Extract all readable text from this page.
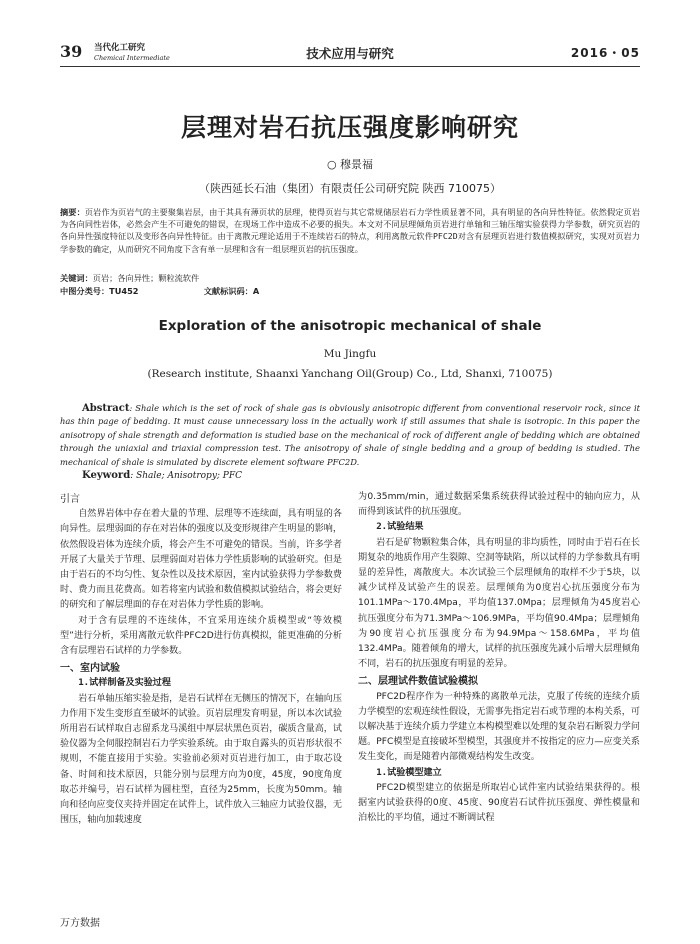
39 当代化工研究
Chemical Intermediate	技术应用与研究	2016・05
层理对岩石抗压强度影响研究
○ 穆景福
（陕西延长石油（集团）有限责任公司研究院 陕西 710075）
摘要：页岩作为页岩气的主要聚集岩层，由于其具有薄页状的层理，使得页岩与其它常规储层岩石力学性质显著不同，具有明显的各向异性特征。依然假定页岩为各向同性岩体，必然会产生不可避免的错误，在现场工作中造成不必要的损失。本文对不同层理倾角页岩进行单轴和三轴压缩实验获得力学参数，研究页岩的各向异性强度特征以及变形各向异性特征。由于离散元理论适用于不连续岩石的特点，利用离散元软件PFC2D对含有层理页岩进行数值模拟研究，实现对页岩力学参数的确定，从而研究不同角度下含有单一层理和含有一组层理页岩的抗压强度。
关键词：页岩；各向异性；颗粒流软件
中图分类号：TU452	文献标识码：A
Exploration of the anisotropic mechanical of shale
Mu Jingfu
(Research institute, Shaanxi Yanchang Oil(Group) Co., Ltd, Shanxi, 710075)
Abstract: Shale which is the set of rock of shale gas is obviously anisotropic different from conventional reservoir rock, since it has thin page of bedding. It must cause unnecessary loss in the actually work if still assumes that shale is isotropic. In this paper the anisotropy of shale strength and deformation is studied base on the mechanical of rock of different angle of bedding which are obtained through the uniaxial and triaxial compression test. The anisotropy of shale of single bedding and a group of bedding is studied. The mechanical of shale is simulated by discrete element software PFC2D.
Keyword: Shale; Anisotropy; PFC
引言

自然界岩体中存在着大量的节理、层理等不连续面，具有明显的各向异性。层理弱面的存在对岩体的强度以及变形规律产生明显的影响，依然假设岩体为连续介质，将会产生不可避免的错误。当前，许多学者开展了大量关于节理、层理弱面对岩体力学性质影响的试验研究。但是由于岩石的不均匀性、复杂性以及技术原因，室内试验获得力学参数费时、费力而且花费高。如若将室内试验和数值模拟试验结合，将会更好的研究和了解层理面的存在对岩体力学性质的影响。

对于含有层理的不连续体，不宜采用连续介质模型或“等效模型”进行分析，采用离散元软件PFC2D进行仿真模拟，能更准确的分析含有层理岩石试样的力学参数。

一、室内试验
1.试样制备及实验过程

岩石单轴压缩实验是指，是岩石试样在无侧压的情况下，在轴向压力作用下发生变形直至破坏的试验。页岩层理发育明显，所以本次试验所用岩石试样取自志留系龙马溪组中厚层状黑色页岩，碳质含量高，试验仪器为全伺服控制岩石力学实验系统。由于取自露头的页岩形状很不规则，不能直接用于实验。实验前必须对页岩进行加工，由于取芯设备、时间和技术原因，只能分别与层理方向为0度，45度，90度角度取芯并编号，岩石试样为圆柱型，直径为25mm，长度为50mm。轴向和径向应变仪夹持并固定在试件上，试件放入三轴应力试验仪器，无围压，轴向加载速度

为0.35mm/min，通过数据采集系统获得试验过程中的轴向应力，从而得到该试件的抗压强度。

2.试验结果

岩石是矿物颗粒集合体，具有明显的非均质性，同时由于岩石在长期复杂的地质作用产生裂隙、空洞等缺陷，所以试样的力学参数具有明显的差异性，离散度大。本次试验三个层理倾角的取样不少于5块，以减少试样及试验产生的误差。层理倾角为0度岩心抗压强度分布为101.1MPa～170.4Mpa，平均值137.0Mpa；层理倾角为45度岩心抗压强度分布为71.3MPa～106.9MPa，平均值90.4Mpa；层理倾角为90度岩心抗压强度分布为94.9Mpa～158.6MPa，平均值132.4MPa。随着倾角的增大，试样的抗压强度先减小后增大层理倾角不同，岩石的抗压强度有明显的差异。

二、层理试件数值试验模拟

PFC2D程序作为一种特殊的离散单元法，克服了传统的连续介质力学模型的宏观连续性假设，无需事先指定岩石或节理的本构关系，可以解决基于连续介质力学建立本构模型难以处理的复杂岩石断裂力学问题。PFC模型是直接破坏型模型，其强度并不按指定的应力—应变关系发生变化，而是随着内部微观结构发生改变。

1.试验模型建立

PFC2D模型建立的依据是所取岩心试件室内试验结果获得的。根据室内试验获得的0度、45度、90度岩石试件抗压强度、弹性模量和泊松比的平均值，通过不断调试程

万方数据
